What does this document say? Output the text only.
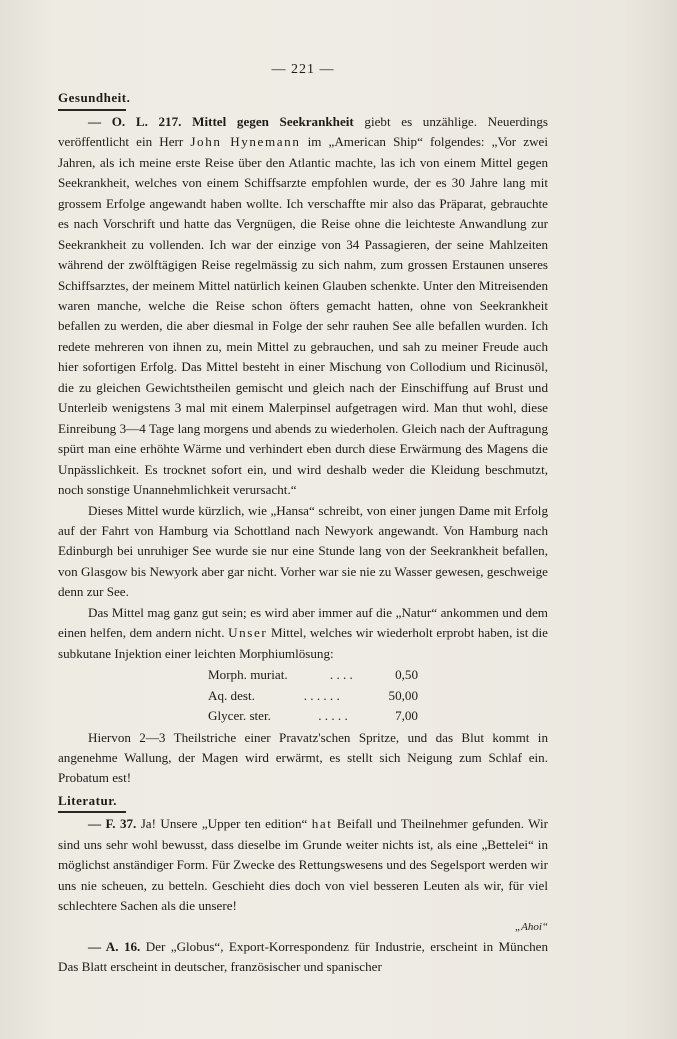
— 221 —
Gesundheit.

— O. L. 217. Mittel gegen Seekrankheit giebt es unzählige. Neuerdings veröffentlicht ein Herr John Hynemann im „American Ship“ folgendes: „Vor zwei Jahren, als ich meine erste Reise über den Atlantic machte, las ich von einem Mittel gegen Seekrankheit, welches von einem Schiffsarzte empfohlen wurde, der es 30 Jahre lang mit grossem Erfolge angewandt haben wollte. Ich verschaffte mir also das Präparat, gebrauchte es nach Vorschrift und hatte das Vergnügen, die Reise ohne die leichteste Anwandlung zur Seekrankheit zu vollenden. Ich war der einzige von 34 Passagieren, der seine Mahlzeiten während der zwölftägigen Reise regelmässig zu sich nahm, zum grossen Erstaunen unseres Schiffsarztes, der meinem Mittel natürlich keinen Glauben schenkte. Unter den Mitreisenden waren manche, welche die Reise schon öfters gemacht hatten, ohne von Seekrankheit befallen zu werden, die aber diesmal in Folge der sehr rauhen See alle befallen wurden. Ich redete mehreren von ihnen zu, mein Mittel zu gebrauchen, und sah zu meiner Freude auch hier sofortigen Erfolg. Das Mittel besteht in einer Mischung von Collodium und Ricinusöl, die zu gleichen Gewichtstheilen gemischt und gleich nach der Einschiffung auf Brust und Unterleib wenigstens 3 mal mit einem Malerpinsel aufgetragen wird. Man thut wohl, diese Einreibung 3—4 Tage lang morgens und abends zu wiederholen. Gleich nach der Auftragung spürt man eine erhöhte Wärme und verhindert eben durch diese Erwärmung des Magens die Unpässlichkeit. Es trocknet sofort ein, und wird deshalb weder die Kleidung beschmutzt, noch sonstige Unannehmlichkeit verursacht.“

Dieses Mittel wurde kürzlich, wie „Hansa“ schreibt, von einer jungen Dame mit Erfolg auf der Fahrt von Hamburg via Schottland nach Newyork angewandt. Von Hamburg nach Edinburgh bei unruhiger See wurde sie nur eine Stunde lang von der Seekrankheit befallen, von Glasgow bis Newyork aber gar nicht. Vorher war sie nie zu Wasser gewesen, geschweige denn zur See.

Das Mittel mag ganz gut sein; es wird aber immer auf die „Natur“ ankommen und dem einen helfen, dem andern nicht. Unser Mittel, welches wir wiederholt erprobt haben, ist die subkutane Injektion einer leichten Morphiumlösung:

Morph. muriat.	. . . .	0,50
Aq. dest.	. . . . . .	50,00
Glycer. ster.	. . . . .	7,00

Hiervon 2—3 Theilstriche einer Pravatz'schen Spritze, und das Blut kommt in angenehme Wallung, der Magen wird erwärmt, es stellt sich Neigung zum Schlaf ein. Probatum est!

Literatur.

— F. 37. Ja! Unsere „Upper ten edition“ hat Beifall und Theilnehmer gefunden. Wir sind uns sehr wohl bewusst, dass dieselbe im Grunde weiter nichts ist, als eine „Bettelei“ in möglichst anständiger Form. Für Zwecke des Rettungswesens und des Segelsport werden wir uns nie scheuen, zu betteln. Geschieht dies doch von viel besseren Leuten als wir, für viel schlechtere Sachen als die unsere!

„Ahoi“

— A. 16. Der „Globus“, Export-Korrespondenz für Industrie, erscheint in München Das Blatt erscheint in deutscher, französischer und spanischer
